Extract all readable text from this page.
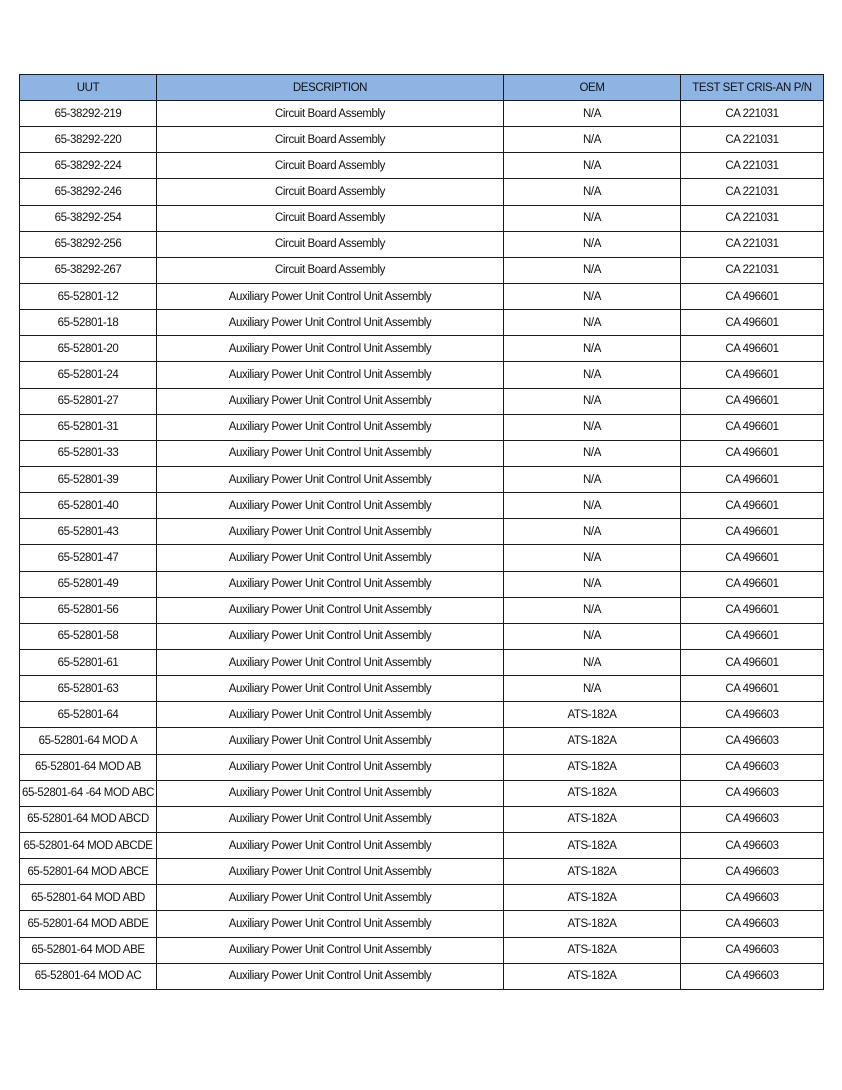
UUT	DESCRIPTION	OEM	TEST SET CRIS-AN P/N
65-38292-219	Circuit Board Assembly	N/A	CA 221031
65-38292-220	Circuit Board Assembly	N/A	CA 221031
65-38292-224	Circuit Board Assembly	N/A	CA 221031
65-38292-246	Circuit Board Assembly	N/A	CA 221031
65-38292-254	Circuit Board Assembly	N/A	CA 221031
65-38292-256	Circuit Board Assembly	N/A	CA 221031
65-38292-267	Circuit Board Assembly	N/A	CA 221031
65-52801-12	Auxiliary Power Unit Control Unit Assembly	N/A	CA 496601
65-52801-18	Auxiliary Power Unit Control Unit Assembly	N/A	CA 496601
65-52801-20	Auxiliary Power Unit Control Unit Assembly	N/A	CA 496601
65-52801-24	Auxiliary Power Unit Control Unit Assembly	N/A	CA 496601
65-52801-27	Auxiliary Power Unit Control Unit Assembly	N/A	CA 496601
65-52801-31	Auxiliary Power Unit Control Unit Assembly	N/A	CA 496601
65-52801-33	Auxiliary Power Unit Control Unit Assembly	N/A	CA 496601
65-52801-39	Auxiliary Power Unit Control Unit Assembly	N/A	CA 496601
65-52801-40	Auxiliary Power Unit Control Unit Assembly	N/A	CA 496601
65-52801-43	Auxiliary Power Unit Control Unit Assembly	N/A	CA 496601
65-52801-47	Auxiliary Power Unit Control Unit Assembly	N/A	CA 496601
65-52801-49	Auxiliary Power Unit Control Unit Assembly	N/A	CA 496601
65-52801-56	Auxiliary Power Unit Control Unit Assembly	N/A	CA 496601
65-52801-58	Auxiliary Power Unit Control Unit Assembly	N/A	CA 496601
65-52801-61	Auxiliary Power Unit Control Unit Assembly	N/A	CA 496601
65-52801-63	Auxiliary Power Unit Control Unit Assembly	N/A	CA 496601
65-52801-64	Auxiliary Power Unit Control Unit Assembly	ATS-182A	CA 496603
65-52801-64 MOD A	Auxiliary Power Unit Control Unit Assembly	ATS-182A	CA 496603
65-52801-64 MOD AB	Auxiliary Power Unit Control Unit Assembly	ATS-182A	CA 496603
65-52801-64 -64 MOD ABC	Auxiliary Power Unit Control Unit Assembly	ATS-182A	CA 496603
65-52801-64 MOD ABCD	Auxiliary Power Unit Control Unit Assembly	ATS-182A	CA 496603
65-52801-64 MOD ABCDE	Auxiliary Power Unit Control Unit Assembly	ATS-182A	CA 496603
65-52801-64 MOD ABCE	Auxiliary Power Unit Control Unit Assembly	ATS-182A	CA 496603
65-52801-64 MOD ABD	Auxiliary Power Unit Control Unit Assembly	ATS-182A	CA 496603
65-52801-64 MOD ABDE	Auxiliary Power Unit Control Unit Assembly	ATS-182A	CA 496603
65-52801-64 MOD ABE	Auxiliary Power Unit Control Unit Assembly	ATS-182A	CA 496603
65-52801-64 MOD AC	Auxiliary Power Unit Control Unit Assembly	ATS-182A	CA 496603
